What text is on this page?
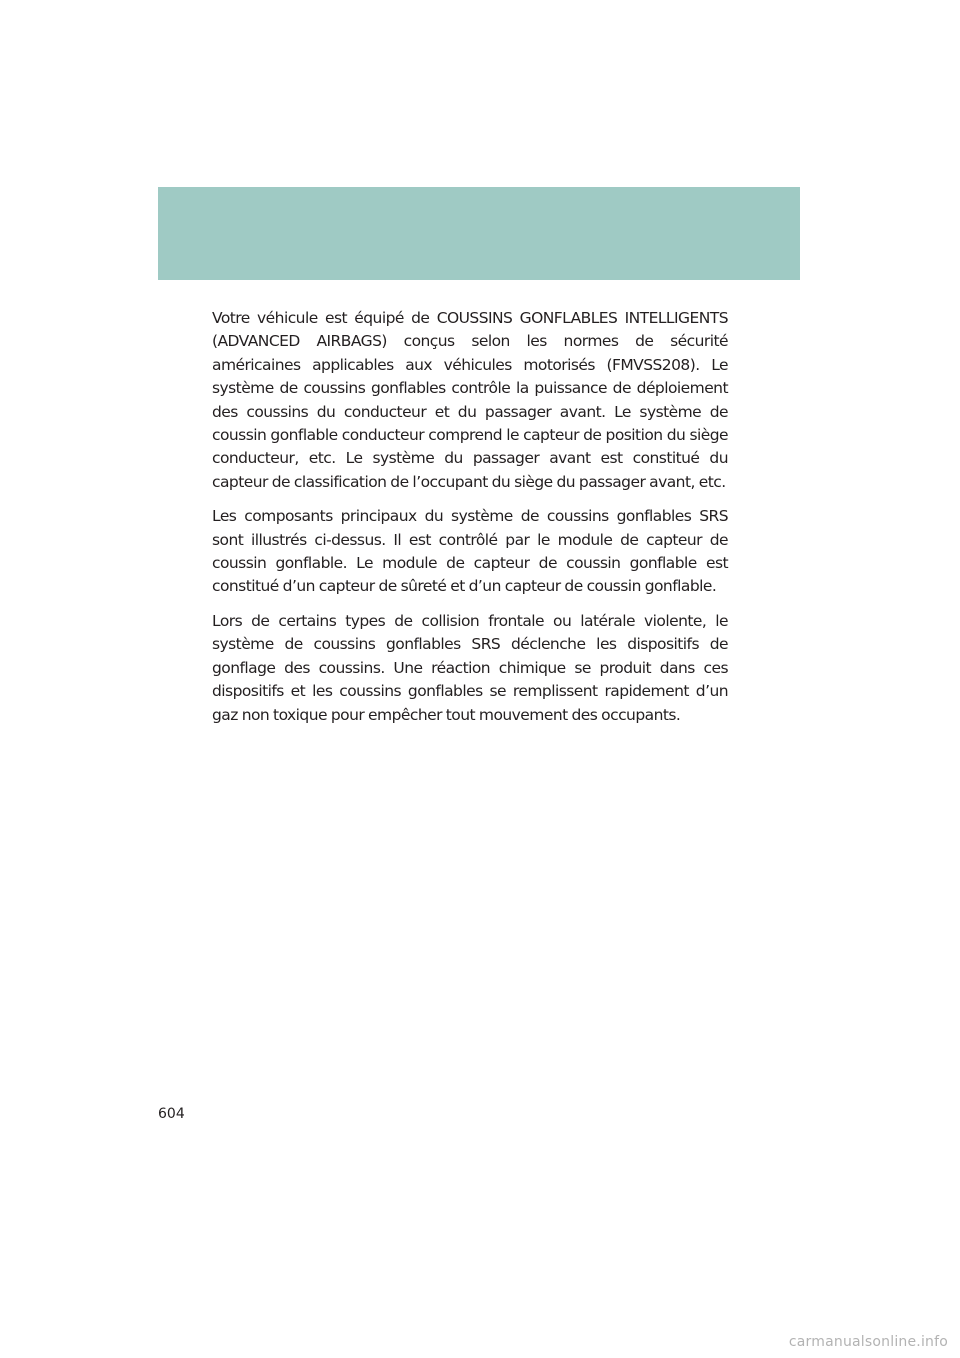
Votre véhicule est équipé de COUSSINS GONFLABLES INTELLIGENTS (ADVANCED AIRBAGS) conçus selon les normes de sécurité américaines applicables aux véhicules motorisés (FMVSS208). Le système de coussins gonflables contrôle la puissance de déploiement des coussins du conducteur et du passager avant. Le système de coussin gonflable conducteur comprend le capteur de position du siège conducteur, etc. Le système du passager avant est constitué du capteur de classification de l’occupant du siège du passager avant, etc.

Les composants principaux du système de coussins gonflables SRS sont illustrés ci-dessus. Il est contrôlé par le module de capteur de coussin gonflable. Le module de capteur de coussin gonflable est constitué d’un capteur de sûreté et d’un capteur de coussin gonflable.

Lors de certains types de collision frontale ou latérale violente, le système de coussins gonflables SRS déclenche les dispositifs de gonflage des coussins. Une réaction chimique se produit dans ces dispositifs et les coussins gonflables se remplissent rapidement d’un gaz non toxique pour empêcher tout mouvement des occupants.

604
carmanualsonline.info
